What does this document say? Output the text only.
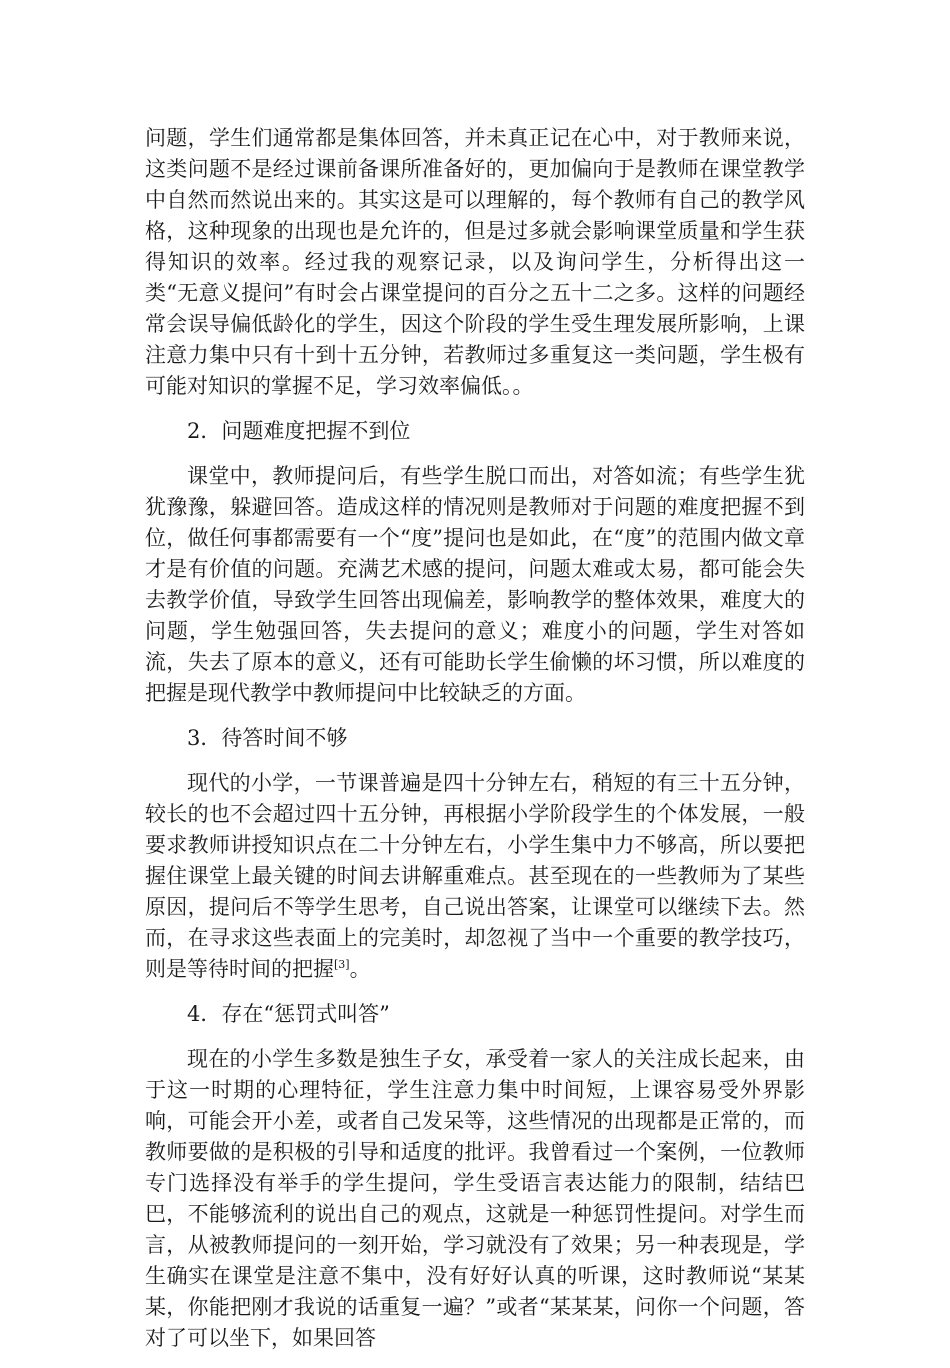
问题，学生们通常都是集体回答，并未真正记在心中，对于教师来说，这类问题不是经过课前备课所准备好的，更加偏向于是教师在课堂教学中自然而然说出来的。其实这是可以理解的，每个教师有自己的教学风格，这种现象的出现也是允许的，但是过多就会影响课堂质量和学生获得知识的效率。经过我的观察记录，以及询问学生，分析得出这一类“无意义提问”有时会占课堂提问的百分之五十二之多。这样的问题经常会误导偏低龄化的学生，因这个阶段的学生受生理发展所影响，上课注意力集中只有十到十五分钟，若教师过多重复这一类问题，学生极有可能对知识的掌握不足，学习效率偏低。。

2．问题难度把握不到位

课堂中，教师提问后，有些学生脱口而出，对答如流；有些学生犹犹豫豫，躲避回答。造成这样的情况则是教师对于问题的难度把握不到位，做任何事都需要有一个“度”提问也是如此，在“度”的范围内做文章才是有价值的问题。充满艺术感的提问，问题太难或太易，都可能会失去教学价值，导致学生回答出现偏差，影响教学的整体效果，难度大的问题，学生勉强回答，失去提问的意义；难度小的问题，学生对答如流，失去了原本的意义，还有可能助长学生偷懒的坏习惯，所以难度的把握是现代教学中教师提问中比较缺乏的方面。

3．待答时间不够

现代的小学，一节课普遍是四十分钟左右，稍短的有三十五分钟，较长的也不会超过四十五分钟，再根据小学阶段学生的个体发展，一般要求教师讲授知识点在二十分钟左右，小学生集中力不够高，所以要把握住课堂上最关键的时间去讲解重难点。甚至现在的一些教师为了某些原因，提问后不等学生思考，自己说出答案，让课堂可以继续下去。然而，在寻求这些表面上的完美时，却忽视了当中一个重要的教学技巧，则是等待时间的把握[3]。

4．存在“惩罚式叫答”

现在的小学生多数是独生子女，承受着一家人的关注成长起来，由于这一时期的心理特征，学生注意力集中时间短，上课容易受外界影响，可能会开小差，或者自己发呆等，这些情况的出现都是正常的，而教师要做的是积极的引导和适度的批评。我曾看过一个案例，一位教师专门选择没有举手的学生提问，学生受语言表达能力的限制，结结巴巴，不能够流利的说出自己的观点，这就是一种惩罚性提问。对学生而言，从被教师提问的一刻开始，学习就没有了效果；另一种表现是，学生确实在课堂是注意不集中，没有好好认真的听课，这时教师说“某某某，你能把刚才我说的话重复一遍？”或者“某某某，问你一个问题，答对了可以坐下，如果回答
